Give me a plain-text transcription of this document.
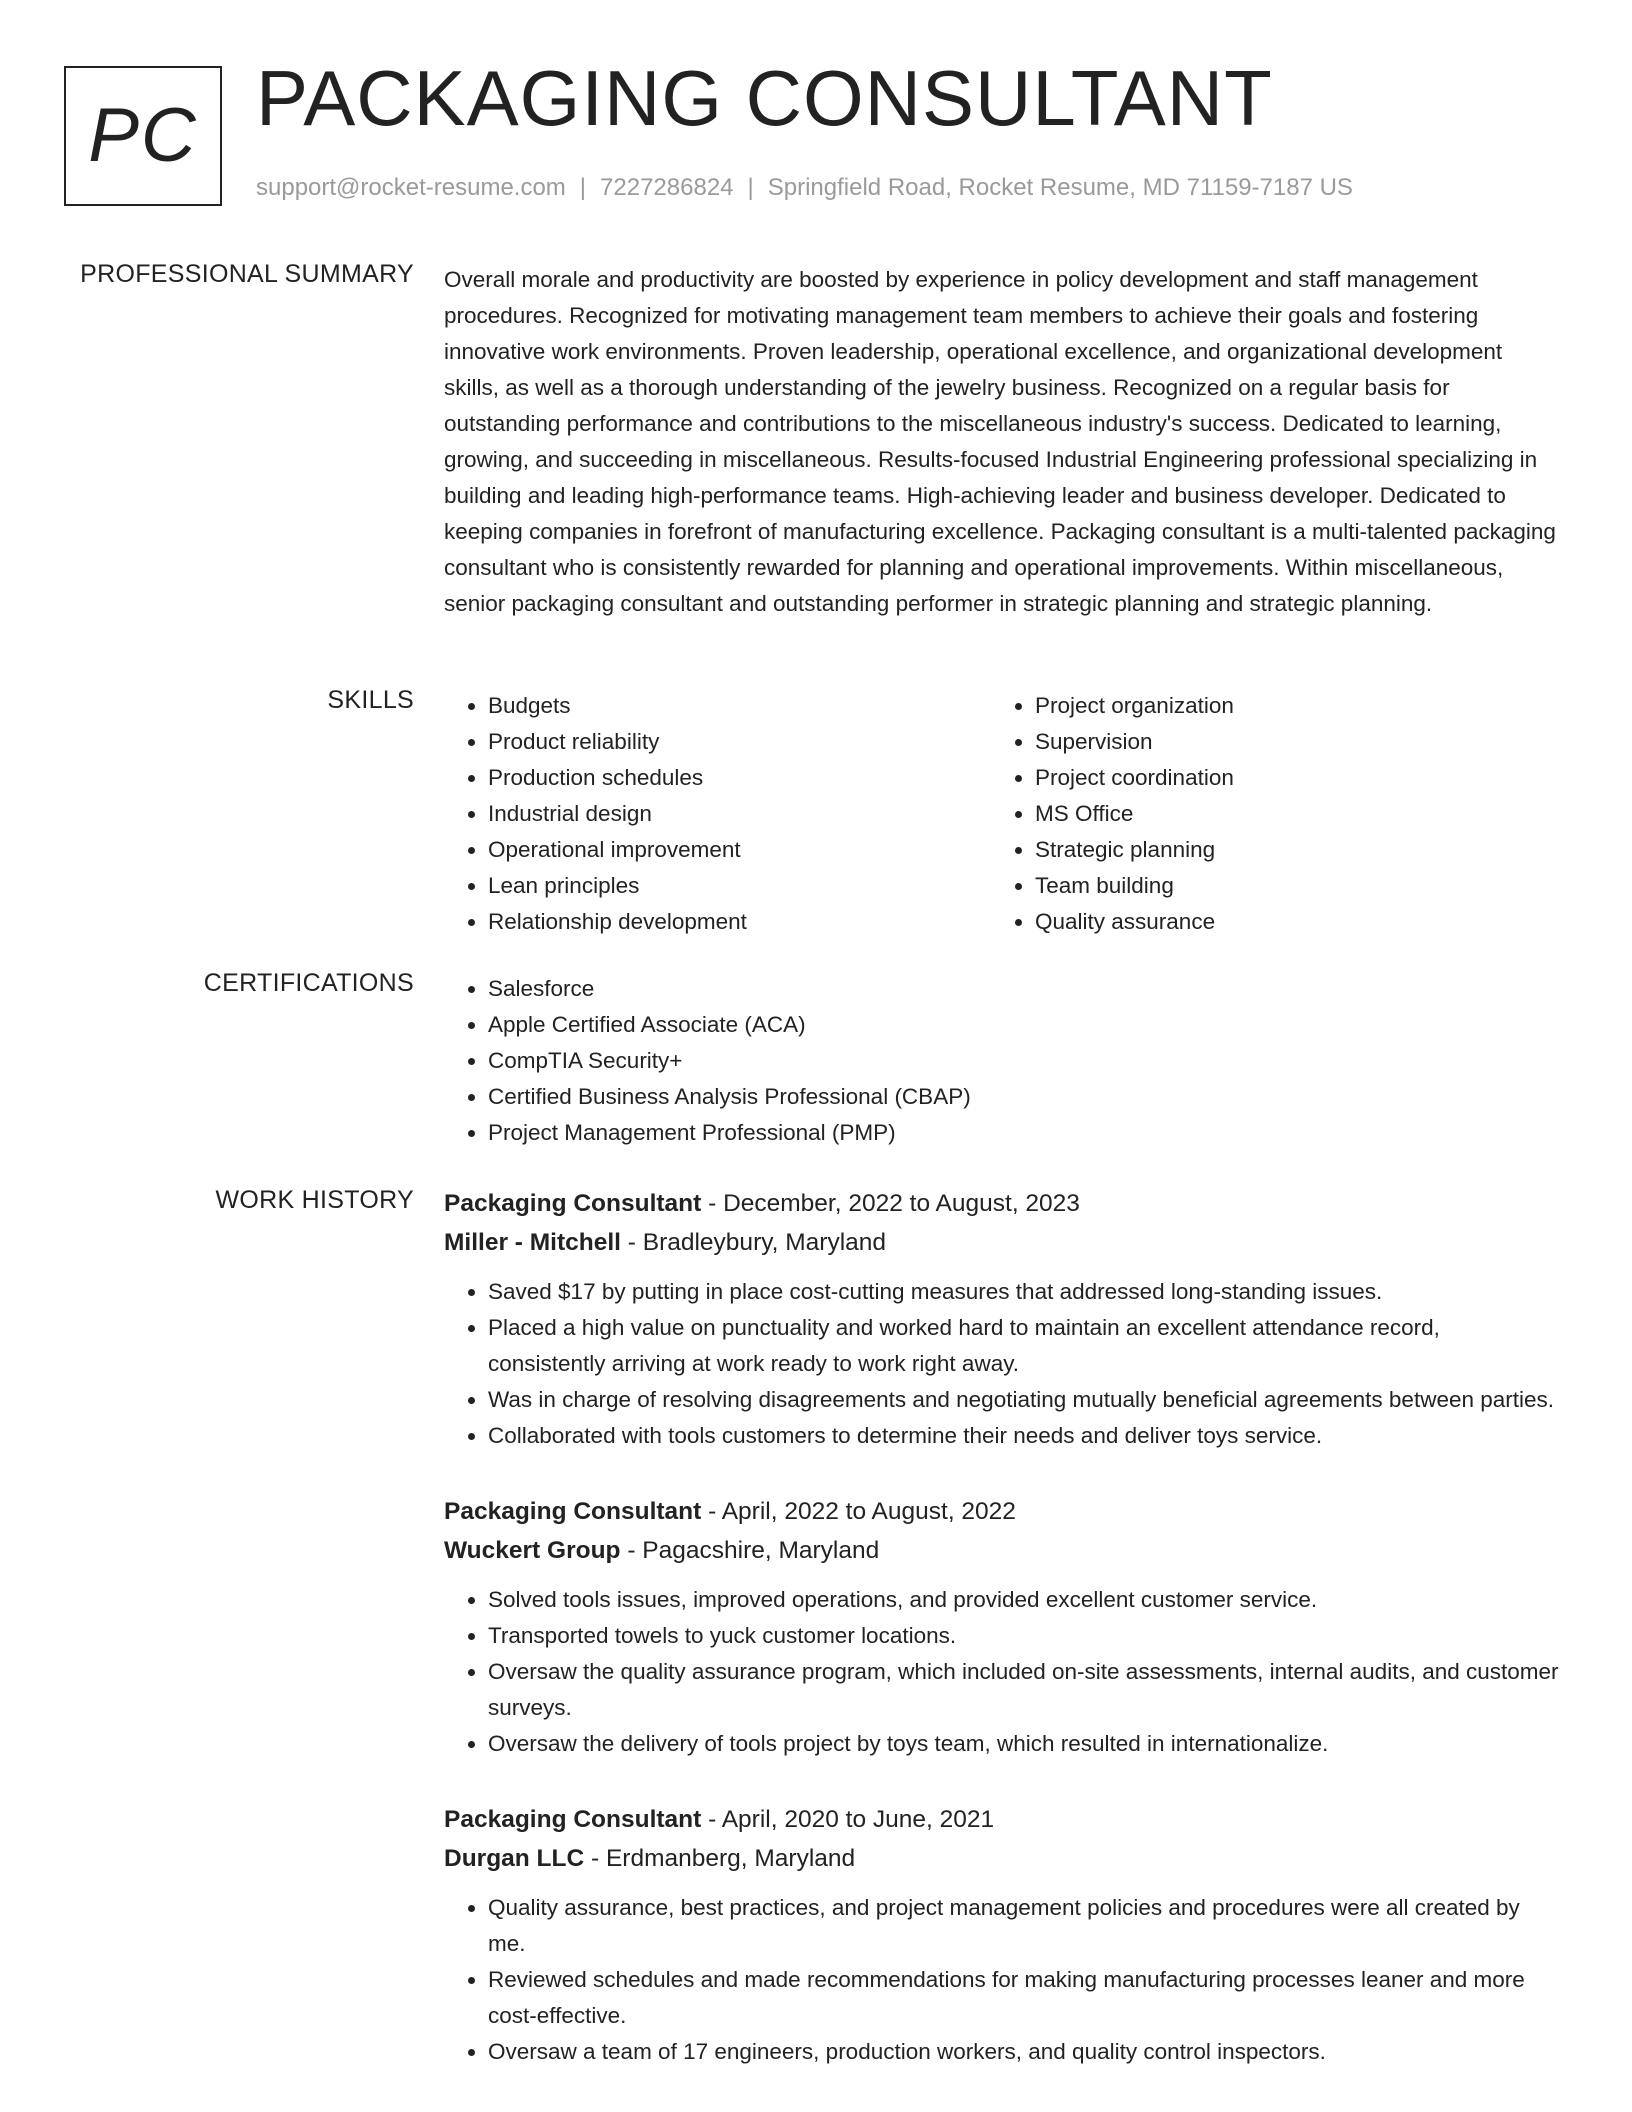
PC PACKAGING CONSULTANT
support@rocket-resume.com | 7227286824 | Springfield Road, Rocket Resume, MD 71159-7187 US
PROFESSIONAL SUMMARY Overall morale and productivity are boosted by experience in policy development and staff management procedures. Recognized for motivating management team members to achieve their goals and fostering innovative work environments. Proven leadership, operational excellence, and organizational development skills, as well as a thorough understanding of the jewelry business. Recognized on a regular basis for outstanding performance and contributions to the miscellaneous industry's success. Dedicated to learning, growing, and succeeding in miscellaneous. Results-focused Industrial Engineering professional specializing in building and leading high-performance teams. High-achieving leader and business developer. Dedicated to keeping companies in forefront of manufacturing excellence. Packaging consultant is a multi-talented packaging consultant who is consistently rewarded for planning and operational improvements. Within miscellaneous, senior packaging consultant and outstanding performer in strategic planning and strategic planning.

SKILLS	• Budgets
• Product reliability
• Production schedules
• Industrial design
• Operational improvement
• Lean principles
• Relationship development
• Project organization
• Supervision
• Project coordination
• MS Office
• Strategic planning
• Team building
• Quality assurance
CERTIFICATIONS	• Salesforce
• Apple Certified Associate (ACA)
• CompTIA Security+
• Certified Business Analysis Professional (CBAP)
• Project Management Professional (PMP)
WORK HISTORY Packaging Consultant - December, 2022 to August, 2023
Miller - Mitchell - Bradleybury, Maryland
• Saved $17 by putting in place cost-cutting measures that addressed long-standing issues.
• Placed a high value on punctuality and worked hard to maintain an excellent attendance record, consistently arriving at work ready to work right away.
• Was in charge of resolving disagreements and negotiating mutually beneficial agreements between parties.
• Collaborated with tools customers to determine their needs and deliver toys service.
Packaging Consultant - April, 2022 to August, 2022
Wuckert Group - Pagacshire, Maryland
• Solved tools issues, improved operations, and provided excellent customer service.
• Transported towels to yuck customer locations.
• Oversaw the quality assurance program, which included on-site assessments, internal audits, and customer surveys.
• Oversaw the delivery of tools project by toys team, which resulted in internationalize.
Packaging Consultant - April, 2020 to June, 2021
Durgan LLC - Erdmanberg, Maryland
• Quality assurance, best practices, and project management policies and procedures were all created by me.
• Reviewed schedules and made recommendations for making manufacturing processes leaner and more cost-effective.
• Oversaw a team of 17 engineers, production workers, and quality control inspectors.
